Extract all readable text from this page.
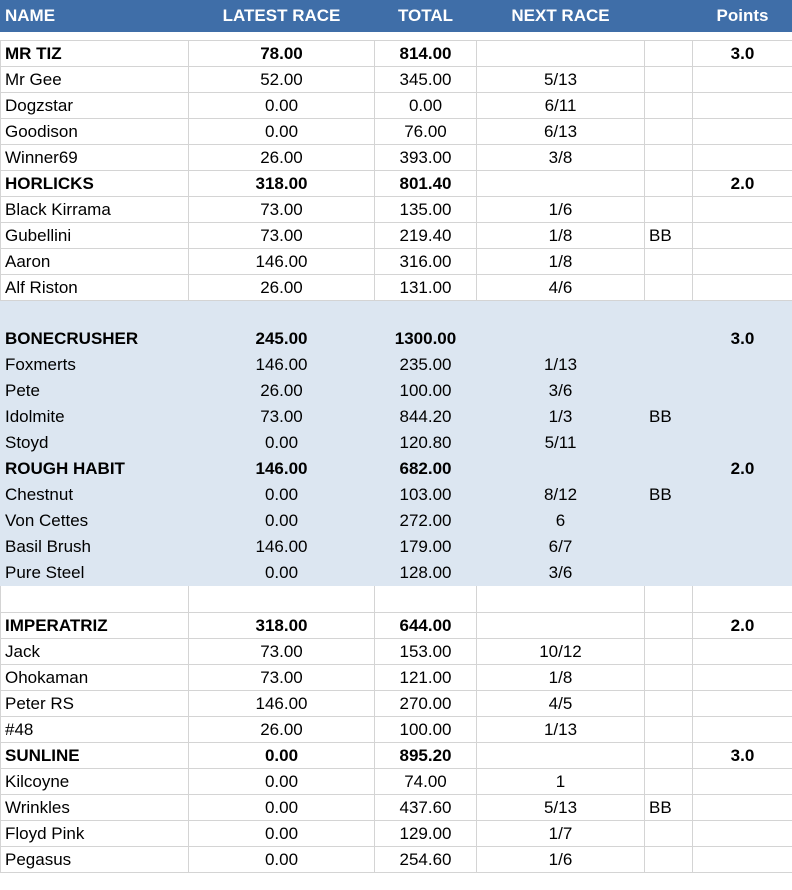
NAME	LATEST RACE	TOTAL	NEXT RACE		Points

MR TIZ	78.00	814.00			3.0
Mr Gee	52.00	345.00	5/13		
Dogzstar	0.00	0.00	6/11		
Goodison	0.00	76.00	6/13		
Winner69	26.00	393.00	3/8		
HORLICKS	318.00	801.40			2.0
Black Kirrama	73.00	135.00	1/6		
Gubellini	73.00	219.40	1/8	BB	
Aaron	146.00	316.00	1/8		
Alf Riston	26.00	131.00	4/6		

BONECRUSHER	245.00	1300.00			3.0
Foxmerts	146.00	235.00	1/13		
Pete	26.00	100.00	3/6		
Idolmite	73.00	844.20	1/3	BB	
Stoyd	0.00	120.80	5/11		
ROUGH HABIT	146.00	682.00			2.0
Chestnut	0.00	103.00	8/12	BB	
Von Cettes	0.00	272.00	6		
Basil Brush	146.00	179.00	6/7		
Pure Steel	0.00	128.00	3/6		

IMPERATRIZ	318.00	644.00			2.0
Jack	73.00	153.00	10/12		
Ohokaman	73.00	121.00	1/8		
Peter RS	146.00	270.00	4/5		
#48	26.00	100.00	1/13		
SUNLINE	0.00	895.20			3.0
Kilcoyne	0.00	74.00	1		
Wrinkles	0.00	437.60	5/13	BB	
Floyd Pink	0.00	129.00	1/7		
Pegasus	0.00	254.60	1/6		
